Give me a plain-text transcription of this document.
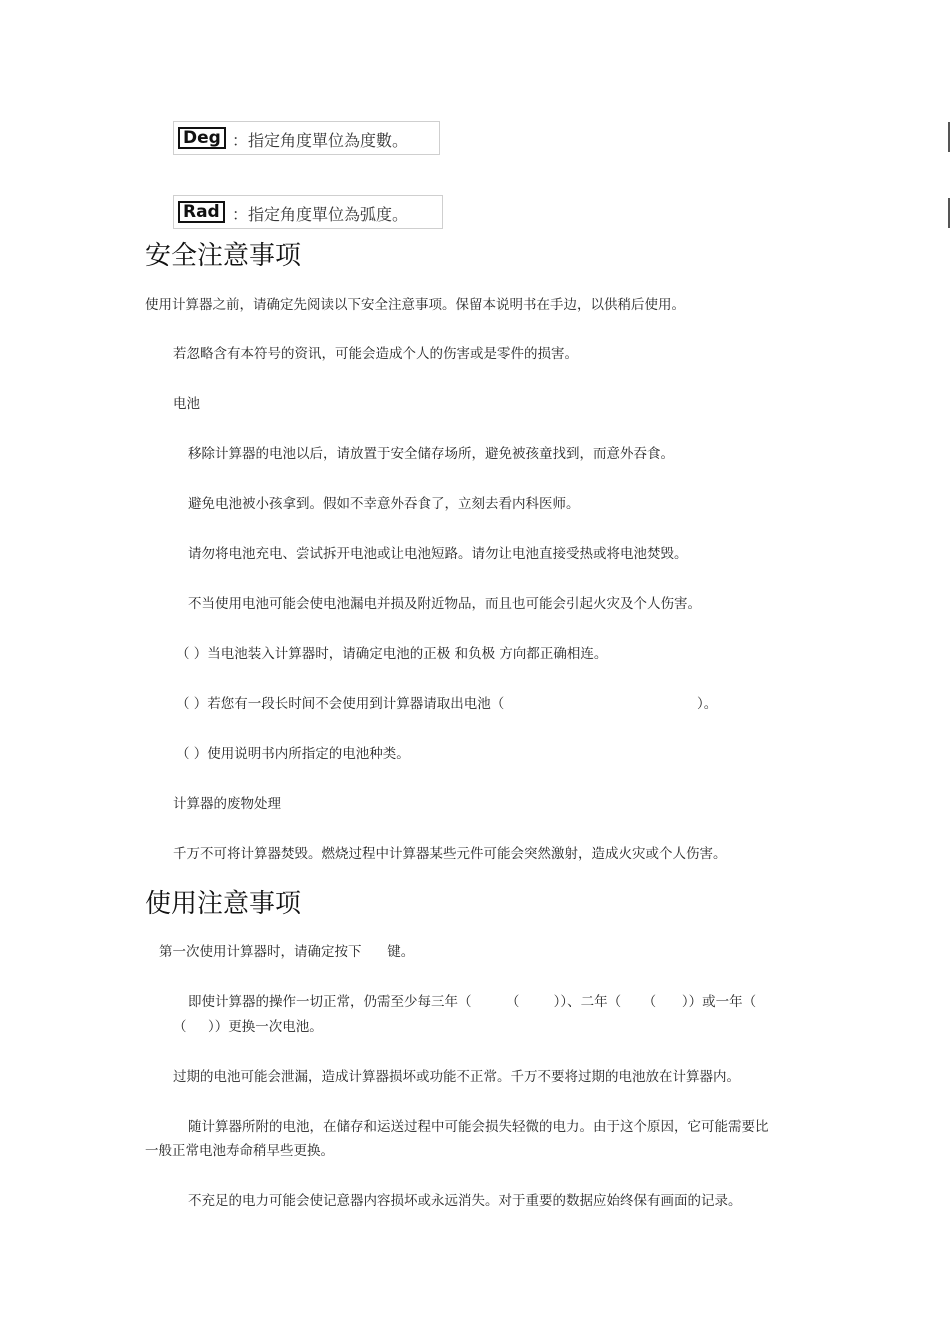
Deg ：指定角度單位為度數。
Rad ：指定角度單位為弧度。
安全注意事项
使用计算器之前，请确定先阅读以下安全注意事项。保留本说明书在手边，以供稍后使用。
若忽略含有本符号的资讯，可能会造成个人的伤害或是零件的损害。
电池
移除计算器的电池以后，请放置于安全储存场所，避免被孩童找到，而意外吞食。
避免电池被小孩拿到。假如不幸意外吞食了，立刻去看内科医师。
请勿将电池充电、尝试拆开电池或让电池短路。请勿让电池直接受热或将电池焚毁。
不当使用电池可能会使电池漏电并损及附近物品，而且也可能会引起火灾及个人伤害。
（ ）当电池装入计算器时，请确定电池的正极 和负极 方向都正确相连。
（ ）若您有一段长时间不会使用到计算器请取出电池（	）。
（ ）使用说明书内所指定的电池种类。
计算器的废物处理
千万不可将计算器焚毁。燃烧过程中计算器某些元件可能会突然激射，造成火灾或个人伤害。
使用注意事项
第一次使用计算器时，请确定按下      键。
即使计算器的操作一切正常，仍需至少每三年（        （        ））、二年（     （      ））或一年（
（     ））更换一次电池。
过期的电池可能会泄漏，造成计算器损坏或功能不正常。千万不要将过期的电池放在计算器内。
随计算器所附的电池，在储存和运送过程中可能会损失轻微的电力。由于这个原因，它可能需要比
一般正常电池寿命稍早些更换。
不充足的电力可能会使记意器内容损坏或永远消失。对于重要的数据应始终保有画面的记录。
